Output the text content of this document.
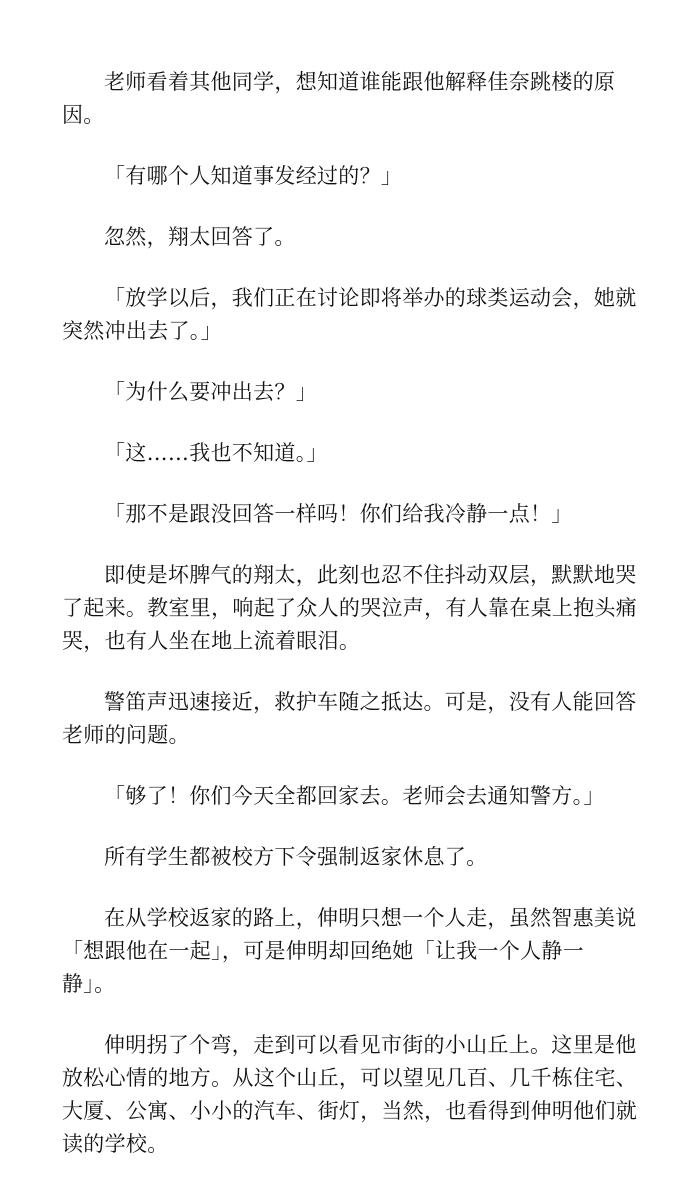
老师看着其他同学，想知道谁能跟他解释佳奈跳楼的原
因。

「有哪个人知道事发经过的？」

忽然，翔太回答了。

「放学以后，我们正在讨论即将举办的球类运动会，她就
突然冲出去了。」

「为什么要冲出去？」

「这……我也不知道。」

「那不是跟没回答一样吗！你们给我冷静一点！」

即使是坏脾气的翔太，此刻也忍不住抖动双层，默默地哭
了起来。教室里，响起了众人的哭泣声，有人靠在桌上抱头痛
哭，也有人坐在地上流着眼泪。

警笛声迅速接近，救护车随之抵达。可是，没有人能回答
老师的问题。

「够了！你们今天全都回家去。老师会去通知警方。」

所有学生都被校方下令强制返家休息了。

在从学校返家的路上，伸明只想一个人走，虽然智惠美说
「想跟他在一起」，可是伸明却回绝她「让我一个人静一
静」。

伸明拐了个弯，走到可以看见市街的小山丘上。这里是他
放松心情的地方。从这个山丘，可以望见几百、几千栋住宅、
大厦、公寓、小小的汽车、街灯，当然，也看得到伸明他们就
读的学校。
